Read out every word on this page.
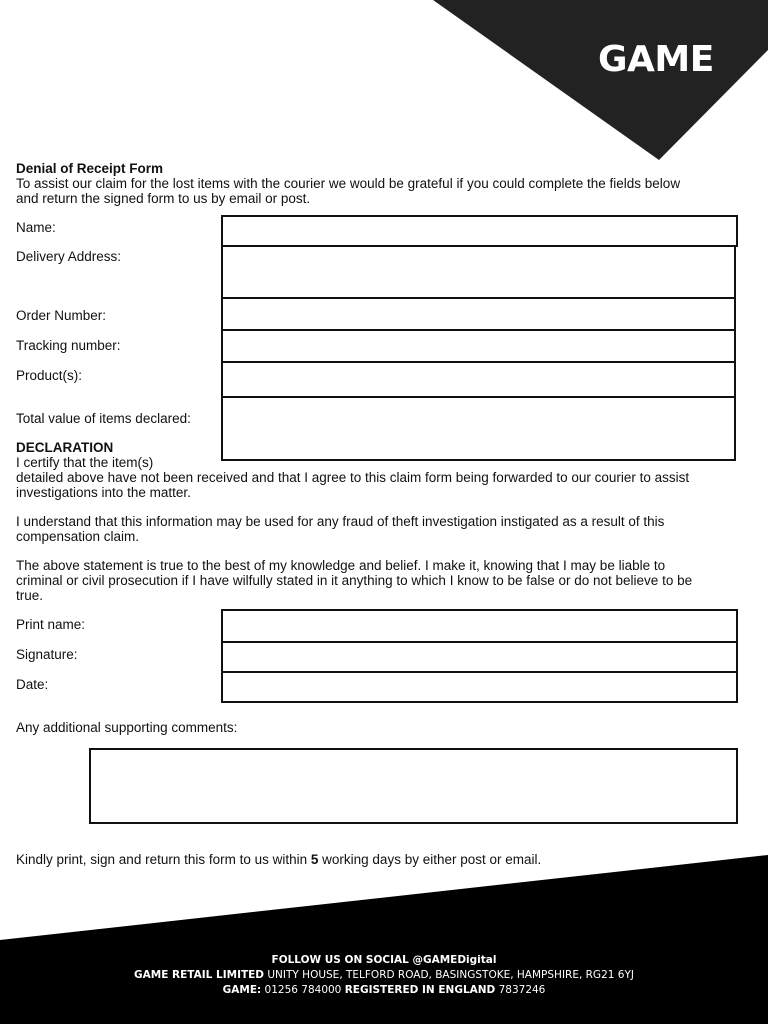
GAME
Denial of Receipt Form
To assist our claim for the lost items with the courier we would be grateful if you could complete the fields below
and return the signed form to us by email or post.
Name:
Delivery Address:
Order Number:
Tracking number:
Product(s):
Total value of items declared:
DECLARATION
I certify that the item(s)
detailed above have not been received and that I agree to this claim form being forwarded to our courier to assist
investigations into the matter.
I understand that this information may be used for any fraud of theft investigation instigated as a result of this
compensation claim.
The above statement is true to the best of my knowledge and belief. I make it, knowing that I may be liable to
criminal or civil prosecution if I have wilfully stated in it anything to which I know to be false or do not believe to be
true.
Print name:
Signature:
Date:
Any additional supporting comments:
Kindly print, sign and return this form to us within 5 working days by either post or email.
FOLLOW US ON SOCIAL @GAMEDigital
GAME RETAIL LIMITED UNITY HOUSE, TELFORD ROAD, BASINGSTOKE, HAMPSHIRE, RG21 6YJ
GAME: 01256 784000 REGISTERED IN ENGLAND 7837246
